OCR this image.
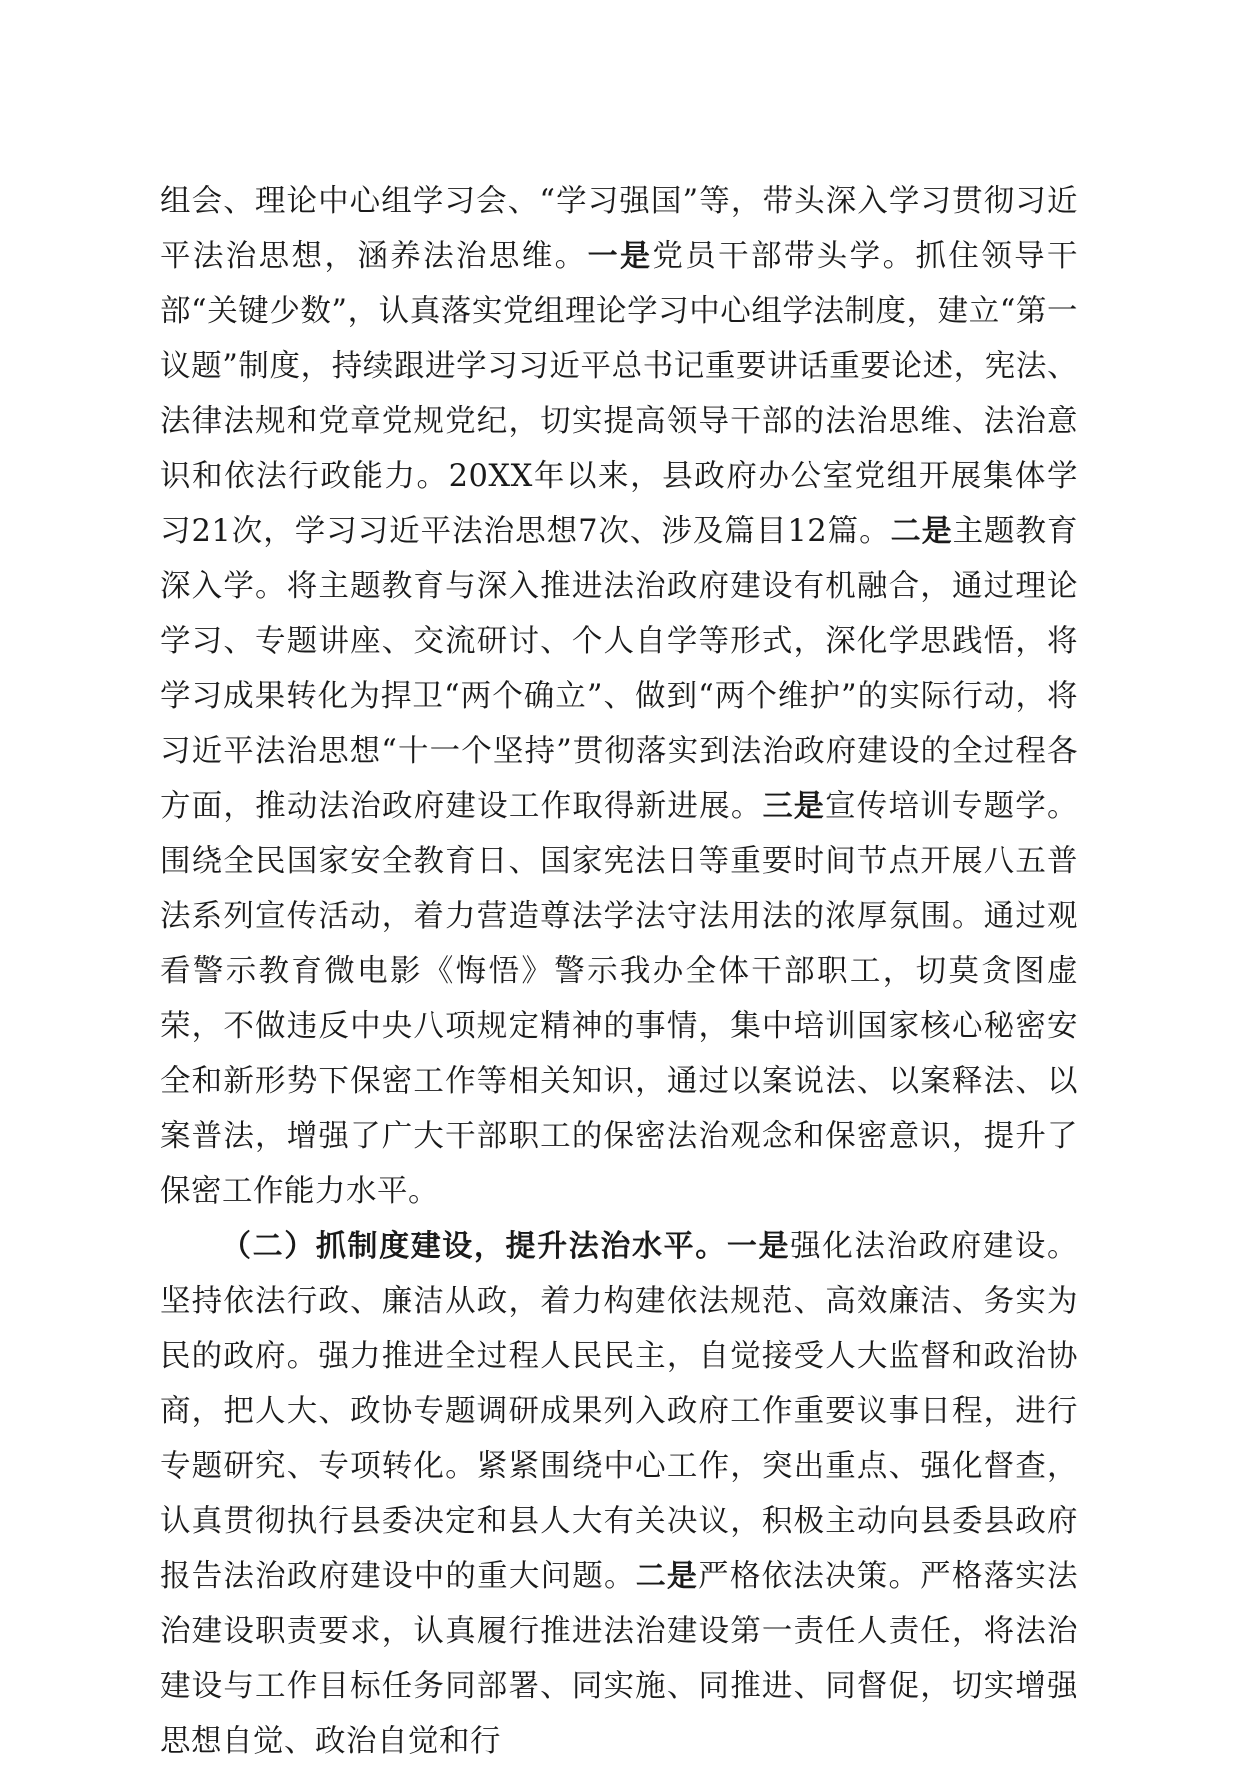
组会、理论中心组学习会、“学习强国”等，带头深入学习贯彻习近平法治思想，涵养法治思维。一是党员干部带头学。抓住领导干部“关键少数”，认真落实党组理论学习中心组学法制度，建立“第一议题”制度，持续跟进学习习近平总书记重要讲话重要论述，宪法、法律法规和党章党规党纪，切实提高领导干部的法治思维、法治意识和依法行政能力。20XX年以来，县政府办公室党组开展集体学习21次，学习习近平法治思想7次、涉及篇目12篇。二是主题教育深入学。将主题教育与深入推进法治政府建设有机融合，通过理论学习、专题讲座、交流研讨、个人自学等形式，深化学思践悟，将学习成果转化为捍卫“两个确立”、做到“两个维护”的实际行动，将习近平法治思想“十一个坚持”贯彻落实到法治政府建设的全过程各方面，推动法治政府建设工作取得新进展。三是宣传培训专题学。围绕全民国家安全教育日、国家宪法日等重要时间节点开展八五普法系列宣传活动，着力营造尊法学法守法用法的浓厚氛围。通过观看警示教育微电影《悔悟》警示我办全体干部职工，切莫贪图虚荣，不做违反中央八项规定精神的事情，集中培训国家核心秘密安全和新形势下保密工作等相关知识，通过以案说法、以案释法、以案普法，增强了广大干部职工的保密法治观念和保密意识，提升了保密工作能力水平。

（二）抓制度建设，提升法治水平。一是强化法治政府建设。坚持依法行政、廉洁从政，着力构建依法规范、高效廉洁、务实为民的政府。强力推进全过程人民民主，自觉接受人大监督和政治协商，把人大、政协专题调研成果列入政府工作重要议事日程，进行专题研究、专项转化。紧紧围绕中心工作，突出重点、强化督查，认真贯彻执行县委决定和县人大有关决议，积极主动向县委县政府报告法治政府建设中的重大问题。二是严格依法决策。严格落实法治建设职责要求，认真履行推进法治建设第一责任人责任，将法治建设与工作目标任务同部署、同实施、同推进、同督促，切实增强思想自觉、政治自觉和行
